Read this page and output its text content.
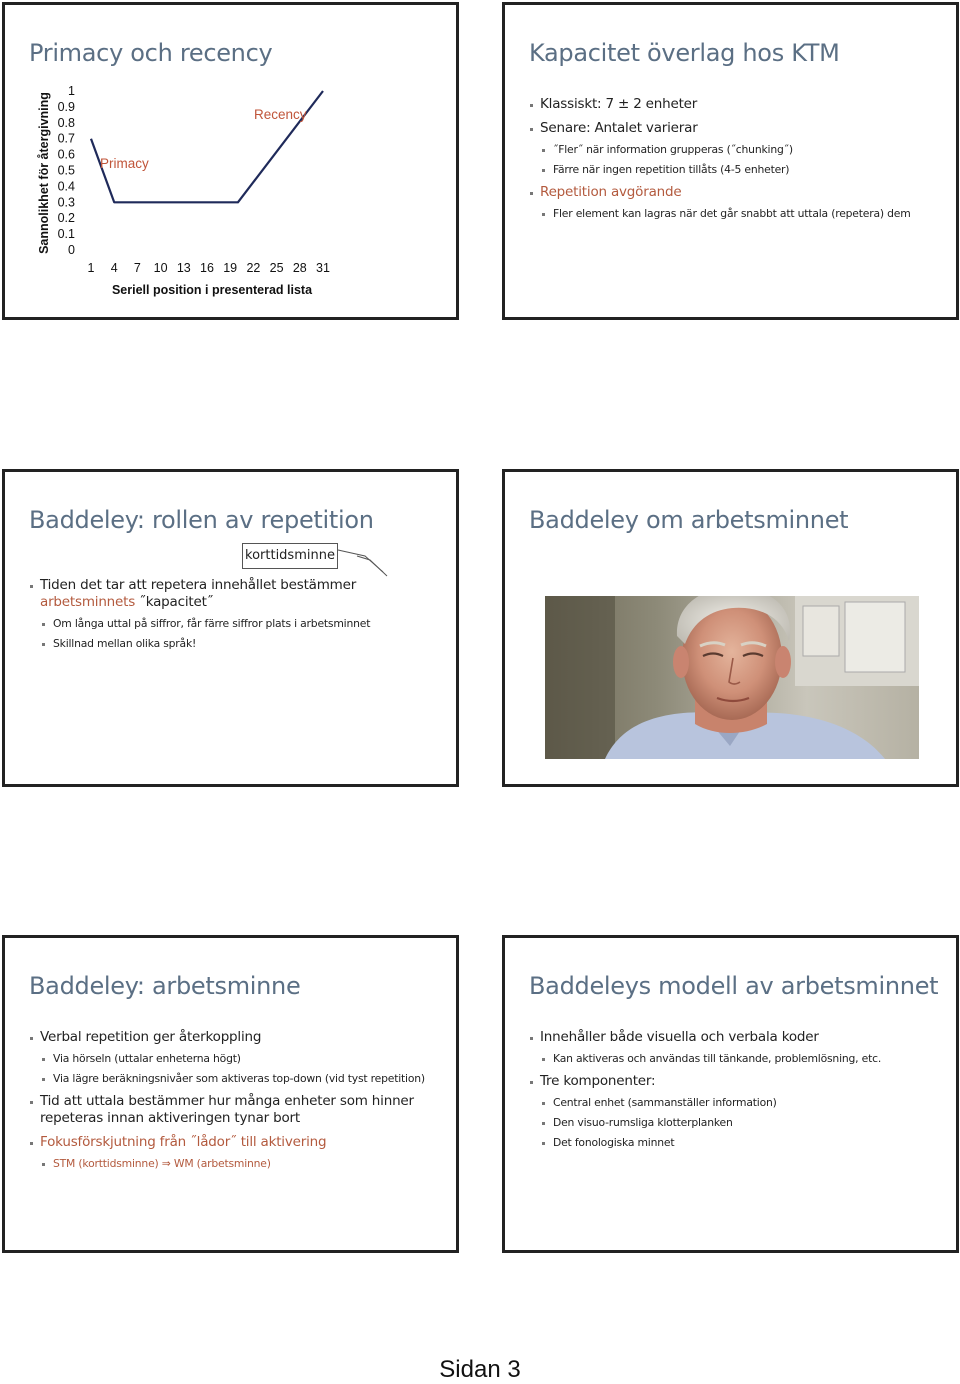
Primacy och recency
Sannolikhet för återgivning
1
0.9
0.8
0.7
0.6
0.5
0.4
0.3
0.2
0.1
0
1 4 7 10 13 16 19 22 25 28 31
Seriell position i presenterad lista
Primacy
Recency
Kapacitet överlag hos KTM
Klassiskt: 7 ± 2 enheter
Senare: Antalet varierar
˝Fler˝ när information grupperas (˝chunking˝)
Färre när ingen repetition tillåts (4-5 enheter)
Repetition avgörande
Fler element kan lagras när det går snabbt att uttala (repetera) dem
Baddeley: rollen av repetition
korttidsminne
Tiden det tar att repetera innehållet bestämmer arbetsminnets ˝kapacitet˝
Om långa uttal på siffror, får färre siffror plats i arbetsminnet
Skillnad mellan olika språk!
Baddeley om arbetsminnet
Baddeley: arbetsminne
Verbal repetition ger återkoppling
Via hörseln (uttalar enheterna högt)
Via lägre beräkningsnivåer som aktiveras top-down (vid tyst repetition)
Tid att uttala bestämmer hur många enheter som hinner repeteras innan aktiveringen tynar bort
Fokusförskjutning från ˝lådor˝ till aktivering
STM (korttidsminne) ⇒ WM (arbetsminne)
Baddeleys modell av arbetsminnet
Innehåller både visuella och verbala koder
Kan aktiveras och användas till tänkande, problemlösning, etc.
Tre komponenter:
Central enhet (sammanställer information)
Den visuo-rumsliga klotterplanken
Det fonologiska minnet
Sidan 3
